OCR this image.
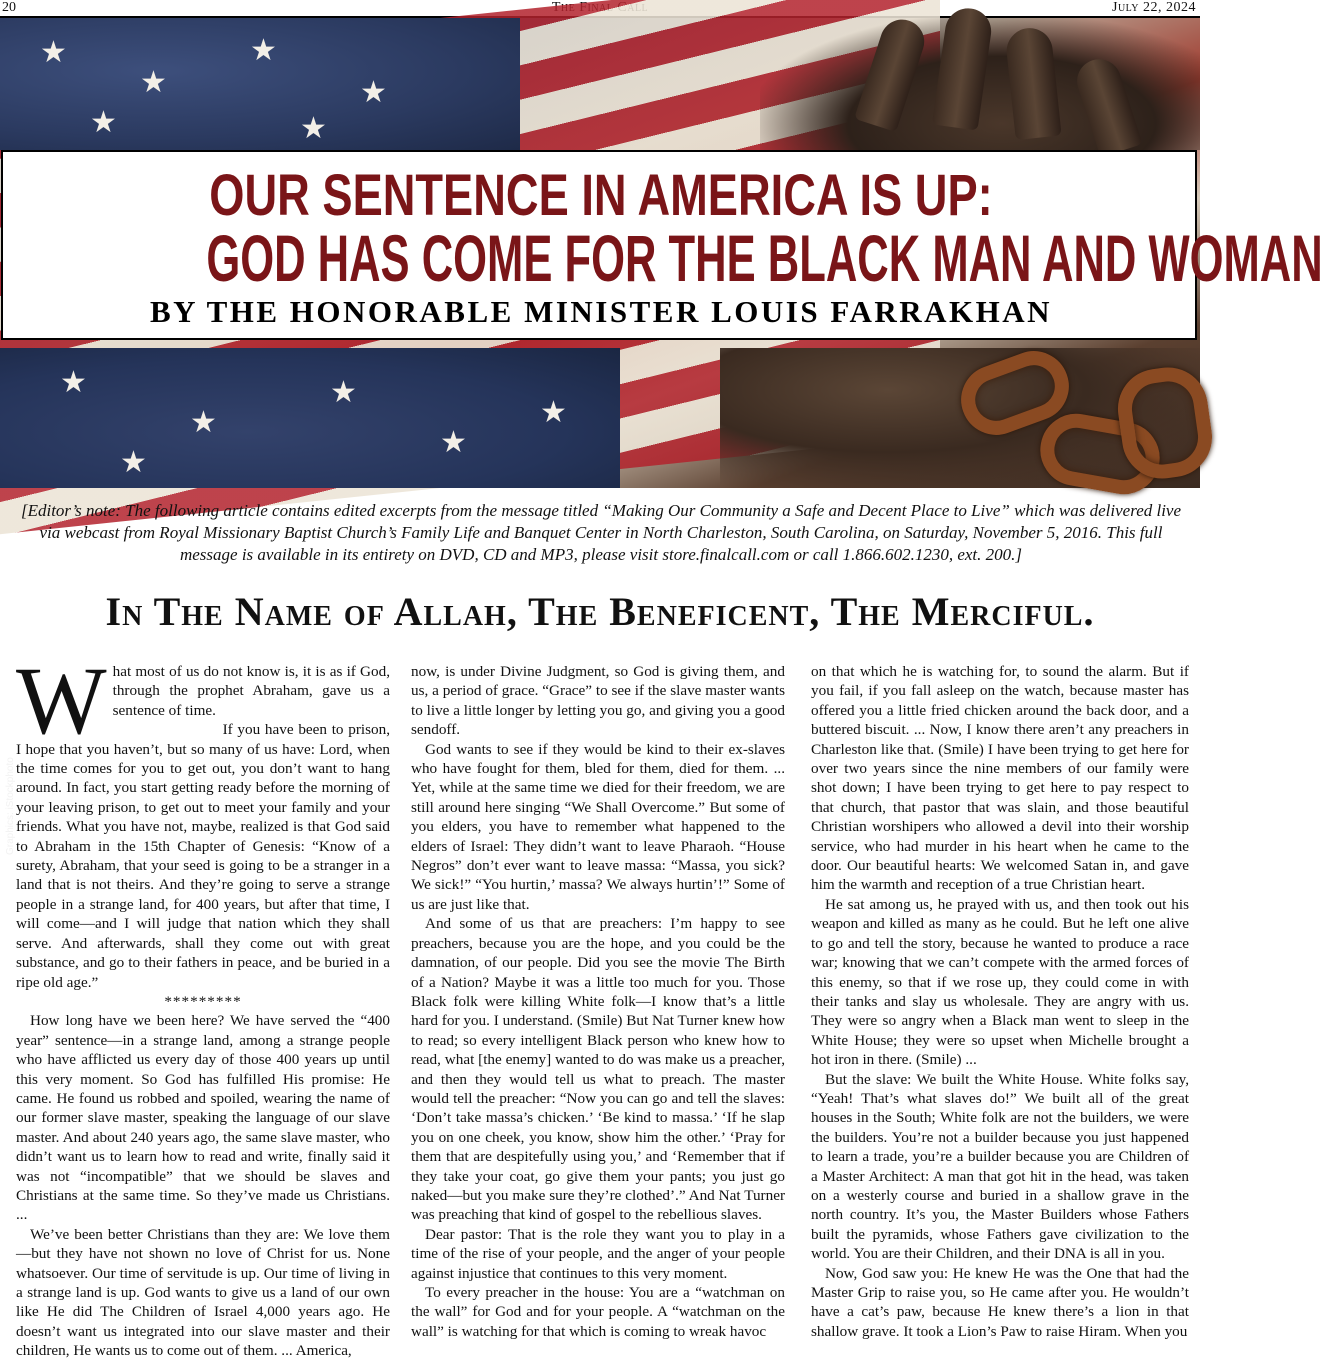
20	July 22, 2024
★
★
★
★
★	★
★
★
★
★
★
★
Graphics: iStockphoto
OUR SENTENCE IN AMERICA IS UP:
GOD HAS COME FOR THE BLACK MAN AND WOMAN
BY THE HONORABLE MINISTER LOUIS FARRAKHAN
[Editor’s note: The following article contains edited excerpts from the message titled “Making Our Community a Safe and Decent Place to Live” which was delivered live via webcast from Royal Missionary Baptist Church’s Family Life and Banquet Center in North Charleston, South Carolina, on Saturday, November 5, 2016. This full message is available in its entirety on DVD, CD and MP3, please visit store.finalcall.com or call 1.866.602.1230, ext. 200.]
In The Name of Allah, The Beneficent, The Merciful.

What most of us do not know is, it is as if God, through the prophet Abraham, gave us a sentence of time.

If you have been to prison, I hope that you haven’t, but so many of us have: Lord, when the time comes for you to get out, you don’t want to hang around. In fact, you start getting ready before the morning of your leaving prison, to get out to meet your family and your friends. What you have not, maybe, realized is that God said to Abraham in the 15th Chapter of Genesis: “Know of a surety, Abraham, that your seed is going to be a stranger in a land that is not theirs. And they’re going to serve a strange people in a strange land, for 400 years, but after that time, I will come—and I will judge that nation which they shall serve. And afterwards, shall they come out with great substance, and go to their fathers in peace, and be buried in a ripe old age.”

*********

How long have we been here? We have served the “400 year” sentence—in a strange land, among a strange people who have afflicted us every day of those 400 years up until this very moment. So God has fulfilled His promise: He came. He found us robbed and spoiled, wearing the name of our former slave master, speaking the language of our slave master. And about 240 years ago, the same slave master, who didn’t want us to learn how to read and write, finally said it was not “incompatible” that we should be slaves and Christians at the same time. So they’ve made us Christians. ...

We’ve been better Christians than they are: We love them—but they have not shown no love of Christ for us. None whatsoever. Our time of servitude is up. Our time of living in a strange land is up. God wants to give us a land of our own like He did The Children of Israel 4,000 years ago. He doesn’t want us integrated into our slave master and their children, He wants us to come out of them. ... America,

now, is under Divine Judgment, so God is giving them, and us, a period of grace. “Grace” to see if the slave master wants to live a little longer by letting you go, and giving you a good sendoff.

God wants to see if they would be kind to their ex-slaves who have fought for them, bled for them, died for them. ... Yet, while at the same time we died for their freedom, we are still around here singing “We Shall Overcome.” But some of you elders, you have to remember what happened to the elders of Israel: They didn’t want to leave Pharaoh. “House Negros” don’t ever want to leave massa: “Massa, you sick? We sick!” “You hurtin,’ massa? We always hurtin’!” Some of us are just like that.

And some of us that are preachers: I’m happy to see preachers, because you are the hope, and you could be the damnation, of our people. Did you see the movie The Birth of a Nation? Maybe it was a little too much for you. Those Black folk were killing White folk—I know that’s a little hard for you. I understand. (Smile) But Nat Turner knew how to read; so every intelligent Black person who knew how to read, what [the enemy] wanted to do was make us a preacher, and then they would tell us what to preach. The master would tell the preacher: “Now you can go and tell the slaves: ‘Don’t take massa’s chicken.’ ‘Be kind to massa.’ ‘If he slap you on one cheek, you know, show him the other.’ ‘Pray for them that are despitefully using you,’ and ‘Remember that if they take your coat, go give them your pants; you just go naked—but you make sure they’re clothed’.” And Nat Turner was preaching that kind of gospel to the rebellious slaves.

Dear pastor: That is the role they want you to play in a time of the rise of your people, and the anger of your people against injustice that continues to this very moment.

To every preacher in the house: You are a “watchman on the wall” for God and for your people. A “watchman on the wall” is watching for that which is coming to wreak havoc

on that which he is watching for, to sound the alarm. But if you fail, if you fall asleep on the watch, because master has offered you a little fried chicken around the back door, and a buttered biscuit. ... Now, I know there aren’t any preachers in Charleston like that. (Smile) I have been trying to get here for over two years since the nine members of our family were shot down; I have been trying to get here to pay respect to that church, that pastor that was slain, and those beautiful Christian worshipers who allowed a devil into their worship service, who had murder in his heart when he came to the door. Our beautiful hearts: We welcomed Satan in, and gave him the warmth and reception of a true Christian heart.

He sat among us, he prayed with us, and then took out his weapon and killed as many as he could. But he left one alive to go and tell the story, because he wanted to produce a race war; knowing that we can’t compete with the armed forces of this enemy, so that if we rose up, they could come in with their tanks and slay us wholesale. They are angry with us. They were so angry when a Black man went to sleep in the White House; they were so upset when Michelle brought a hot iron in there. (Smile) ...

But the slave: We built the White House. White folks say, “Yeah! That’s what slaves do!” We built all of the great houses in the South; White folk are not the builders, we were the builders. You’re not a builder because you just happened to learn a trade, you’re a builder because you are Children of a Master Architect: A man that got hit in the head, was taken on a westerly course and buried in a shallow grave in the north country. It’s you, the Master Builders whose Fathers built the pyramids, whose Fathers gave civilization to the world. You are their Children, and their DNA is all in you.

Now, God saw you: He knew He was the One that had the Master Grip to raise you, so He came after you. He wouldn’t have a cat’s paw, because He knew there’s a lion in that shallow grave. It took a Lion’s Paw to raise Hiram. When you
